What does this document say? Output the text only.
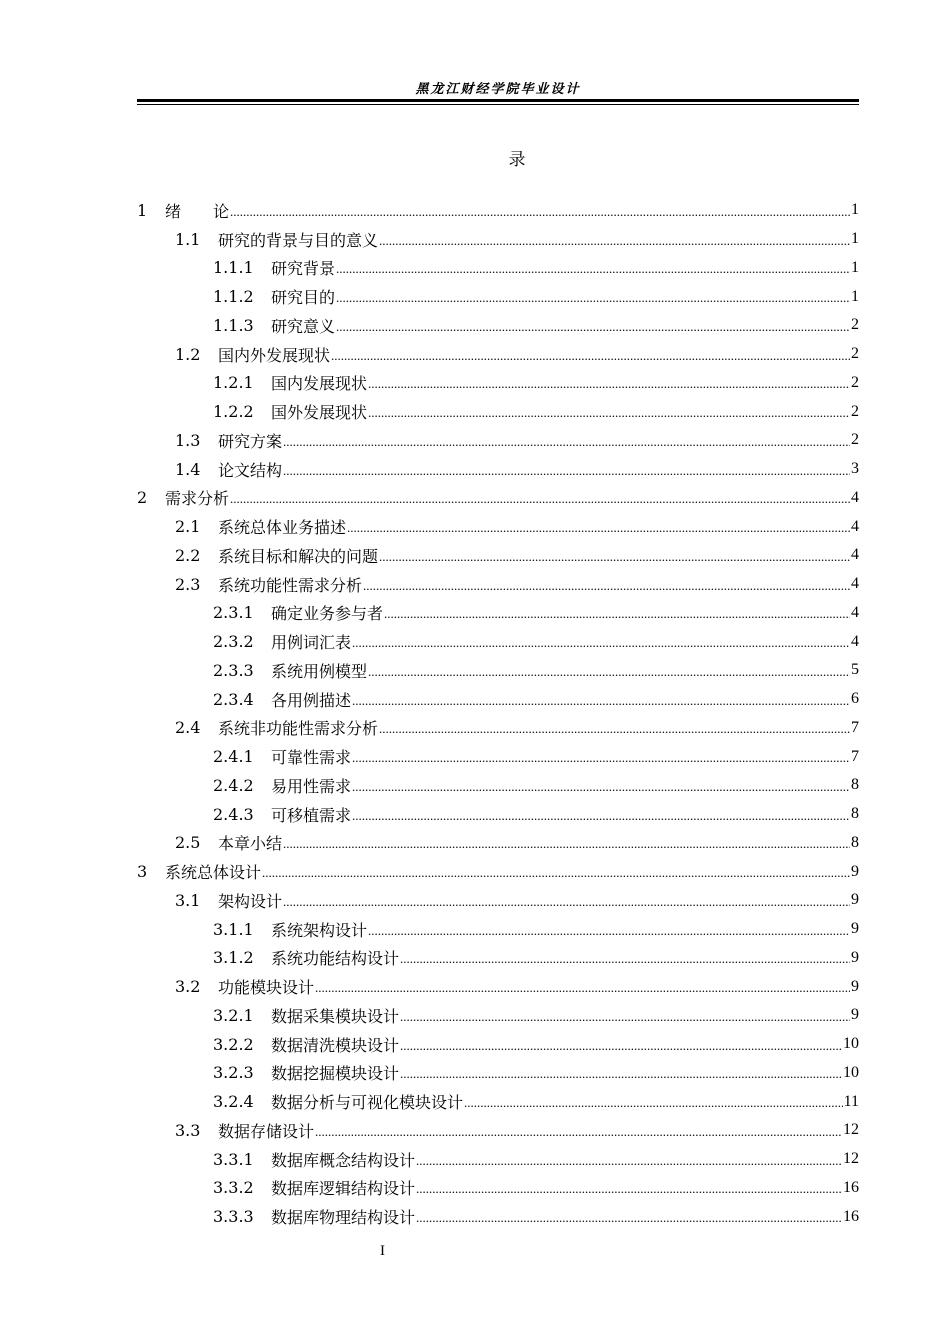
黑龙江财经学院毕业设计
录
1	绪　　论 .....	1
1.1	研究的背景与目的意义 .....	1
1.1.1	研究背景 .....	1
1.1.2	研究目的 .....	1
1.1.3	研究意义 .....	2
1.2	国内外发展现状 .....	2
1.2.1	国内发展现状 .....	2
1.2.2	国外发展现状 .....	2
1.3	研究方案 .....	2
1.4	论文结构 .....	3
2	需求分析 .....	4
2.1	系统总体业务描述 .....	4
2.2	系统目标和解决的问题 .....	4
2.3	系统功能性需求分析 .....	4
2.3.1	确定业务参与者 .....	4
2.3.2	用例词汇表 .....	4
2.3.3	系统用例模型 .....	5
2.3.4	各用例描述 .....	6
2.4	系统非功能性需求分析 .....	7
2.4.1	可靠性需求 .....	7
2.4.2	易用性需求 .....	8
2.4.3	可移植需求 .....	8
2.5	本章小结 .....	8
3	系统总体设计 .....	9
3.1	架构设计 .....	9
3.1.1	系统架构设计 .....	9
3.1.2	系统功能结构设计 .....	9
3.2	功能模块设计 .....	9
3.2.1	数据采集模块设计 .....	9
3.2.2	数据清洗模块设计 .....	10
3.2.3	数据挖掘模块设计 .....	10
3.2.4	数据分析与可视化模块设计 .....	11
3.3	数据存储设计 .....	12
3.3.1	数据库概念结构设计 .....	12
3.3.2	数据库逻辑结构设计 .....	16
3.3.3	数据库物理结构设计 .....	16
I
